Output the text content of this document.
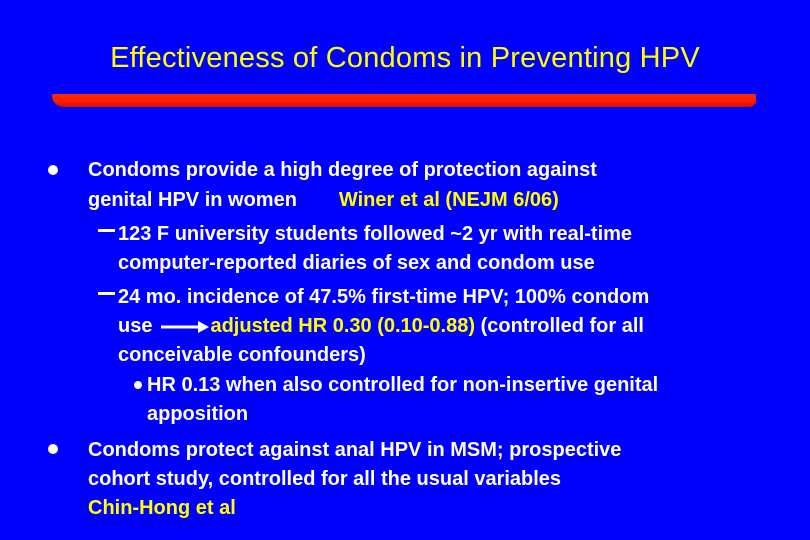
Effectiveness of Condoms in Preventing HPV
Condoms provide a high degree of protection against
genital HPV in women Winer et al (NEJM 6/06)
123 F university students followed ~2 yr with real-time
computer-reported diaries of sex and condom use
24 mo. incidence of 47.5% first-time HPV; 100% condom
use	adjusted HR 0.30 (0.10-0.88) (controlled for all
conceivable confounders)
HR 0.13 when also controlled for non-insertive genital
apposition
Condoms protect against anal HPV in MSM; prospective
cohort study, controlled for all the usual variables
Chin-Hong et al
